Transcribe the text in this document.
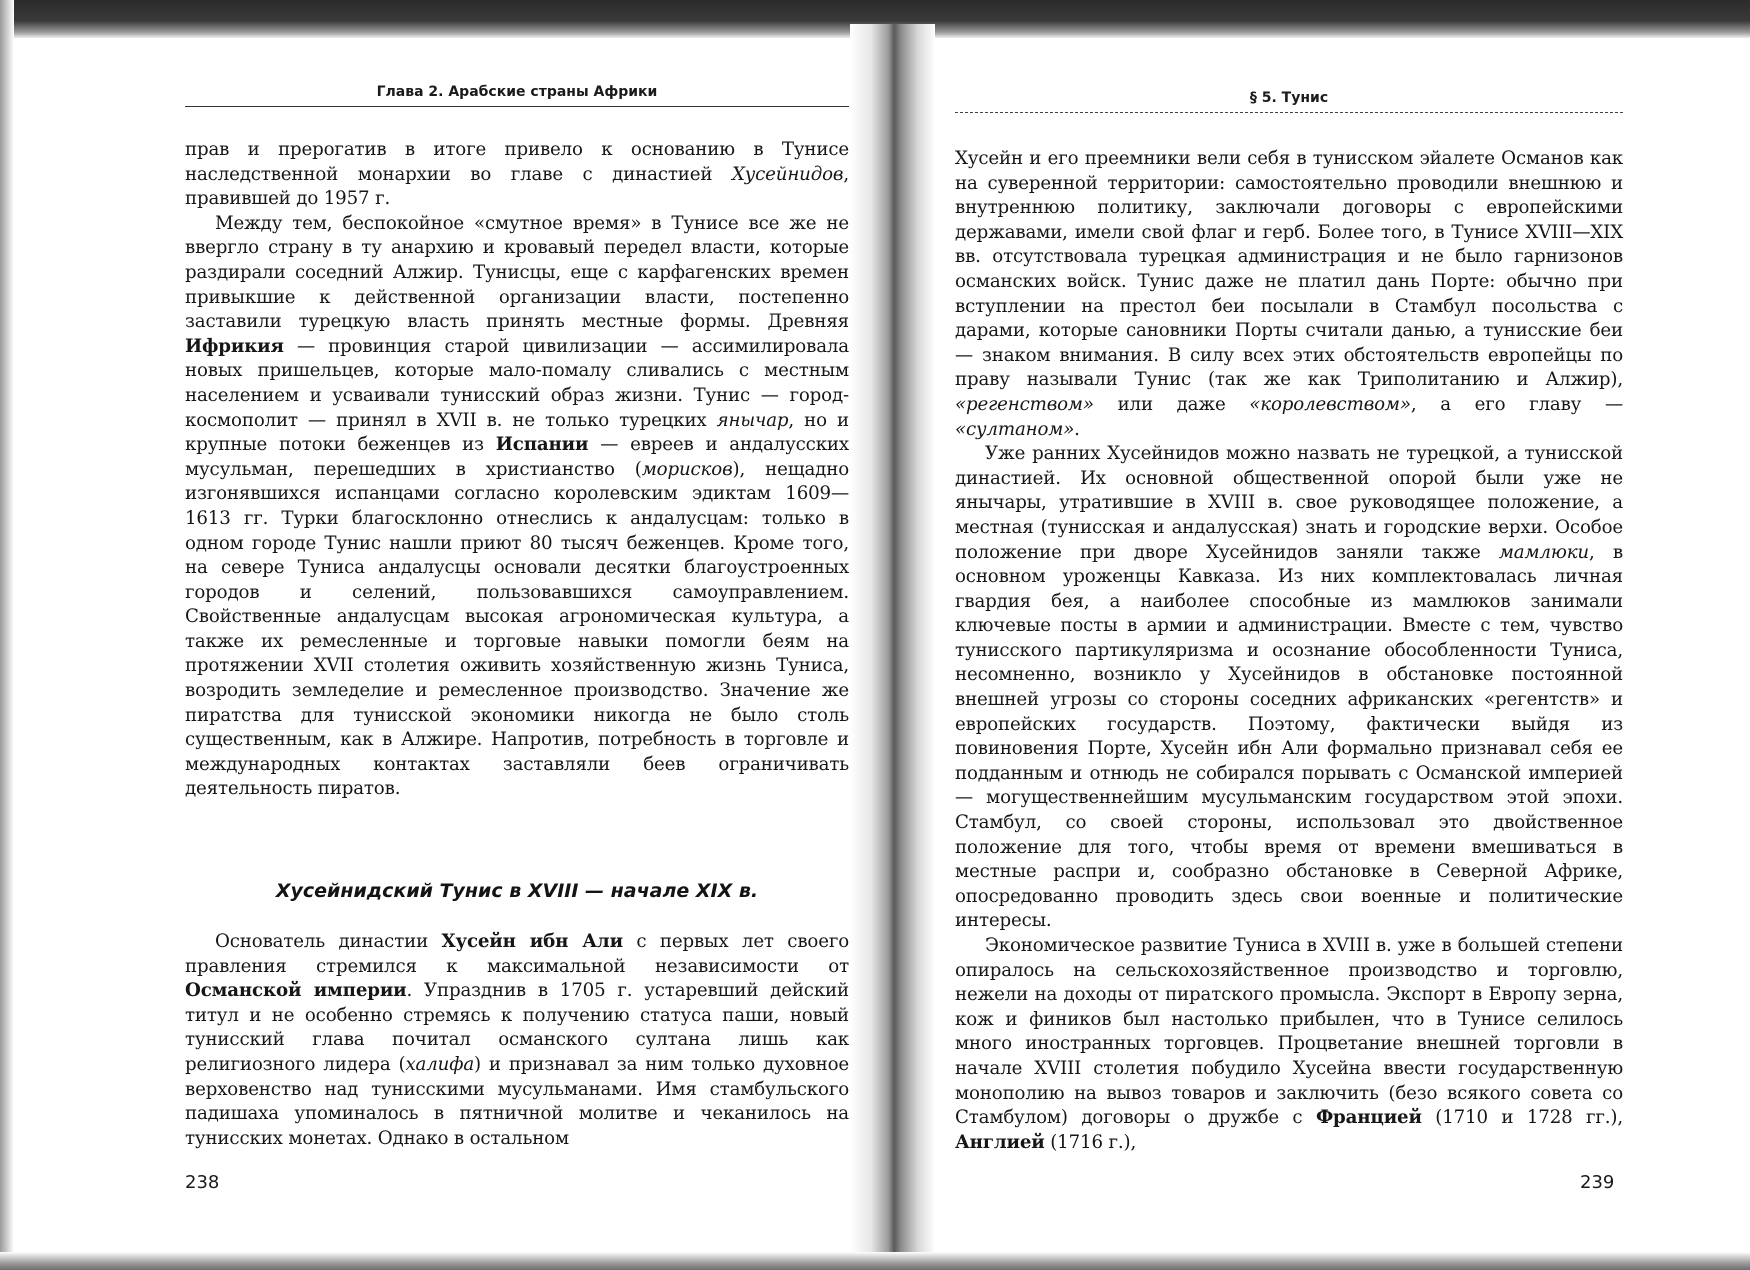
Глава 2. Арабские страны Африки

прав и прерогатив в итоге привело к основанию в Тунисе наследственной монархии во главе с династией Хусейнидов, правившей до 1957 г.

Между тем, беспокойное «смутное время» в Тунисе все же не ввергло страну в ту анархию и кровавый передел власти, которые раздирали соседний Алжир. Тунисцы, еще с карфагенских времен привыкшие к действенной организации власти, постепенно заставили турецкую власть принять местные формы. Древняя Ифрикия — провинция старой цивилизации — ассимилировала новых пришельцев, которые мало-помалу сливались с местным населением и усваивали тунисский образ жизни. Тунис — город-космополит — принял в XVII в. не только турецких янычар, но и крупные потоки беженцев из Испании — евреев и андалусских мусульман, перешедших в христианство (морисков), нещадно изгонявшихся испанцами согласно королевским эдиктам 1609—1613 гг. Турки благосклонно отнеслись к андалусцам: только в одном городе Тунис нашли приют 80 тысяч беженцев. Кроме того, на севере Туниса андалусцы основали десятки благоустроенных городов и селений, пользовавшихся самоуправлением. Свойственные андалусцам высокая агрономическая культура, а также их ремесленные и торговые навыки помогли беям на протяжении XVII столетия оживить хозяйственную жизнь Туниса, возродить земледелие и ремесленное производство. Значение же пиратства для тунисской экономики никогда не было столь существенным, как в Алжире. Напротив, потребность в торговле и международных контактах заставляли беев ограничивать деятельность пиратов.

Хусейнидский Тунис в XVIII — начале XIX в.

Основатель династии Хусейн ибн Али с первых лет своего правления стремился к максимальной независимости от Османской империи. Упразднив в 1705 г. устаревший дейский титул и не особенно стремясь к получению статуса паши, новый тунисский глава почитал османского султана лишь как религиозного лидера (халифа) и признавал за ним только духовное верховенство над тунисскими мусульманами. Имя стамбульского падишаха упоминалось в пятничной молитве и чеканилось на тунисских монетах. Однако в остальном

238
§ 5. Тунис

Хусейн и его преемники вели себя в тунисском эйалете Османов как на суверенной территории: самостоятельно проводили внешнюю и внутреннюю политику, заключали договоры с европейскими державами, имели свой флаг и герб. Более того, в Тунисе XVIII—XIX вв. отсутствовала турецкая администрация и не было гарнизонов османских войск. Тунис даже не платил дань Порте: обычно при вступлении на престол беи посылали в Стамбул посольства с дарами, которые сановники Порты считали данью, а тунисские беи — знаком внимания. В силу всех этих обстоятельств европейцы по праву называли Тунис (так же как Триполитанию и Алжир), «регенством» или даже «королевством», а его главу — «султаном».

Уже ранних Хусейнидов можно назвать не турецкой, а тунисской династией. Их основной общественной опорой были уже не янычары, утратившие в XVIII в. свое руководящее положение, а местная (тунисская и андалусская) знать и городские верхи. Особое положение при дворе Хусейнидов заняли также мамлюки, в основном уроженцы Кавказа. Из них комплектовалась личная гвардия бея, а наиболее способные из мамлюков занимали ключевые посты в армии и администрации. Вместе с тем, чувство тунисского партикуляризма и осознание обособленности Туниса, несомненно, возникло у Хусейнидов в обстановке постоянной внешней угрозы со стороны соседних африканских «регентств» и европейских государств. Поэтому, фактически выйдя из повиновения Порте, Хусейн ибн Али формально признавал себя ее подданным и отнюдь не собирался порывать с Османской империей — могущественнейшим мусульманским государством этой эпохи. Стамбул, со своей стороны, использовал это двойственное положение для того, чтобы время от времени вмешиваться в местные распри и, сообразно обстановке в Северной Африке, опосредованно проводить здесь свои военные и политические интересы.

Экономическое развитие Туниса в XVIII в. уже в большей степени опиралось на сельскохозяйственное производство и торговлю, нежели на доходы от пиратского промысла. Экспорт в Европу зерна, кож и фиников был настолько прибылен, что в Тунисе селилось много иностранных торговцев. Процветание внешней торговли в начале XVIII столетия побудило Хусейна ввести государственную монополию на вывоз товаров и заключить (безо всякого совета со Стамбулом) договоры о дружбе с Францией (1710 и 1728 гг.), Англией (1716 г.),

239
